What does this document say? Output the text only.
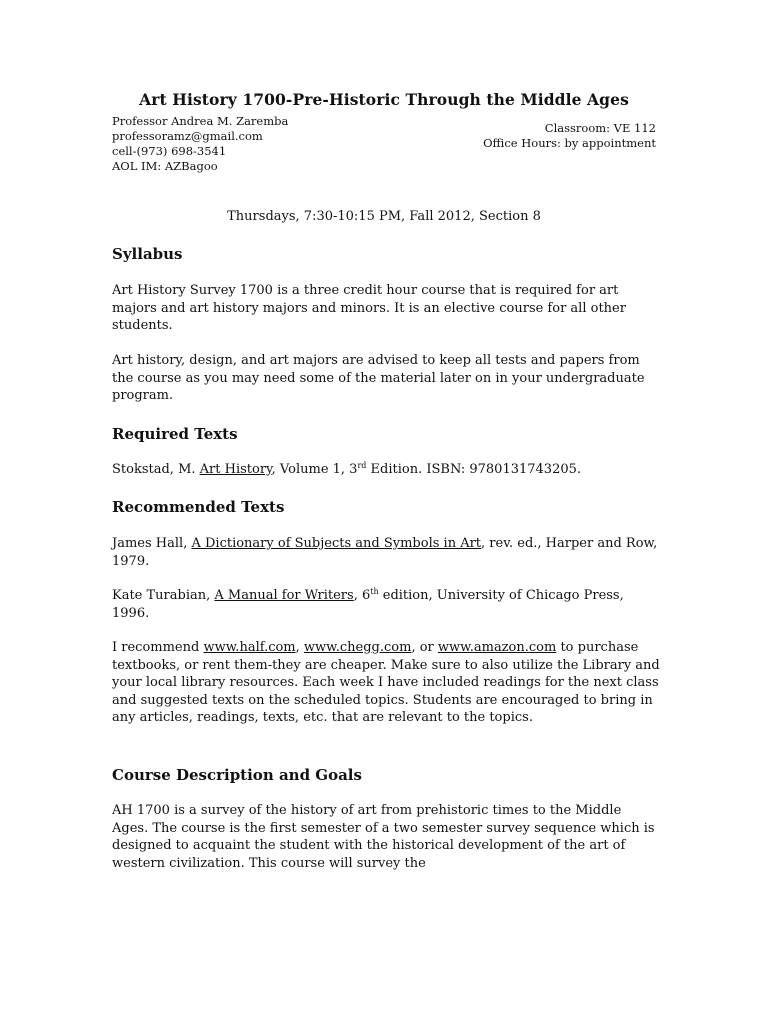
Art History 1700-Pre-Historic Through the Middle Ages
Professor Andrea M. Zaremba
professoramz@gmail.com
cell-(973) 698-3541
AOL IM: AZBagoo
Classroom: VE 112
Office Hours: by appointment
Thursdays, 7:30-10:15 PM, Fall 2012, Section 8
Syllabus
Art History Survey 1700 is a three credit hour course that is required for art majors and art history majors and minors. It is an elective course for all other students.
Art history, design, and art majors are advised to keep all tests and papers from the course as you may need some of the material later on in your undergraduate program.
Required Texts
Stokstad, M. Art History, Volume 1, 3rd Edition. ISBN: 9780131743205.
Recommended Texts
James Hall, A Dictionary of Subjects and Symbols in Art, rev. ed., Harper and Row, 1979.
Kate Turabian, A Manual for Writers, 6th edition, University of Chicago Press, 1996.
I recommend www.half.com, www.chegg.com, or www.amazon.com to purchase textbooks, or rent them-they are cheaper. Make sure to also utilize the Library and your local library resources. Each week I have included readings for the next class and suggested texts on the scheduled topics. Students are encouraged to bring in any articles, readings, texts, etc. that are relevant to the topics.
Course Description and Goals
AH 1700 is a survey of the history of art from prehistoric times to the Middle Ages. The course is the first semester of a two semester survey sequence which is designed to acquaint the student with the historical development of the art of western civilization. This course will survey the
